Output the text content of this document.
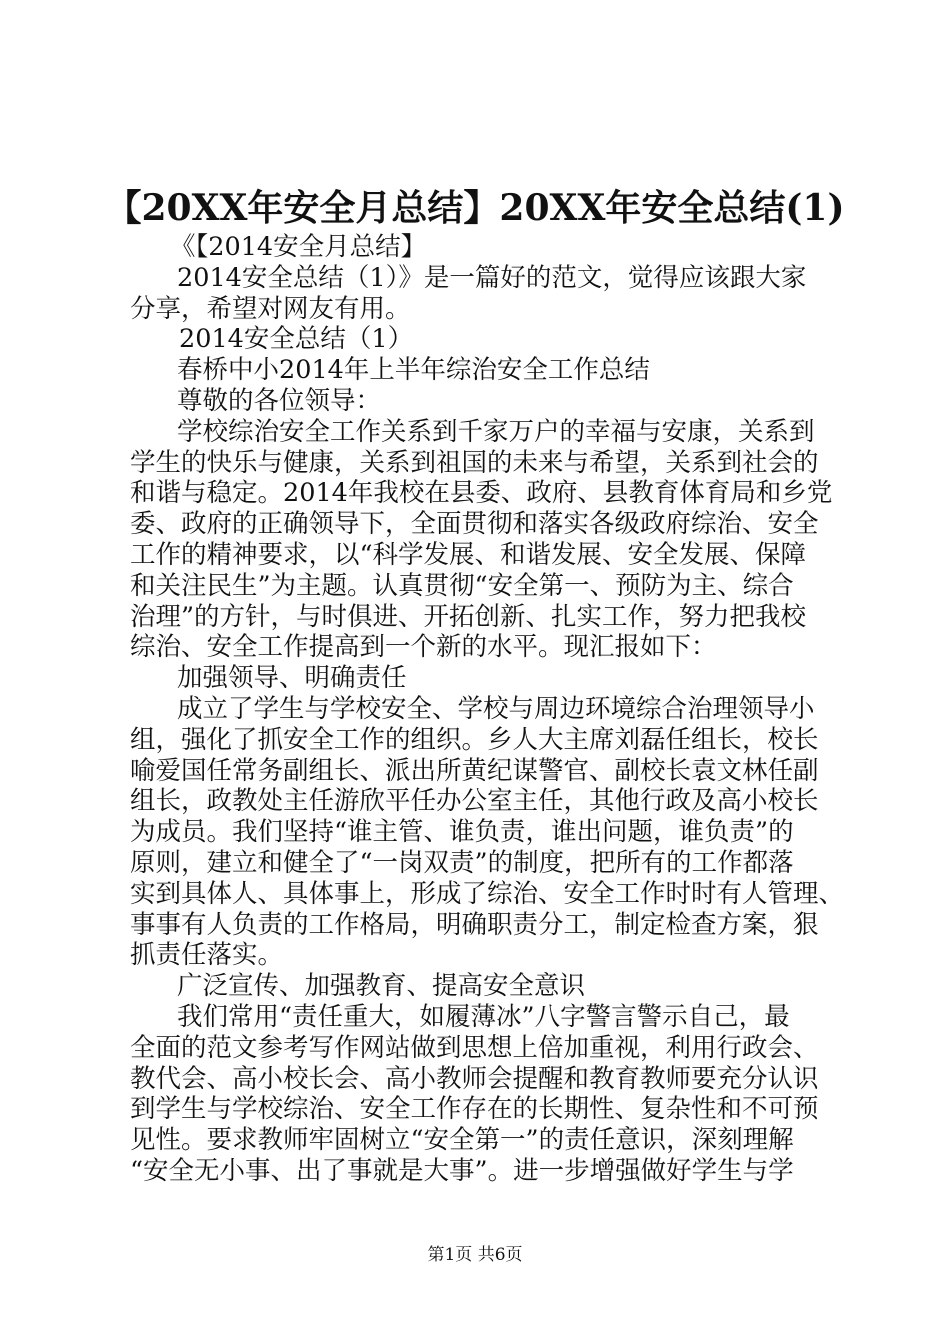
【20XX年安全月总结】20XX年安全总结(1)
《【2014安全月总结】
2014安全总结（1）》是一篇好的范文，觉得应该跟大家
分享，希望对网友有用。
2014安全总结（1）
春桥中小2014年上半年综治安全工作总结
尊敬的各位领导：
学校综治安全工作关系到千家万户的幸福与安康，关系到
学生的快乐与健康，关系到祖国的未来与希望，关系到社会的
和谐与稳定。2014年我校在县委、政府、县教育体育局和乡党
委、政府的正确领导下，全面贯彻和落实各级政府综治、安全
工作的精神要求，以“科学发展、和谐发展、安全发展、保障
和关注民生”为主题。认真贯彻“安全第一、预防为主、综合
治理”的方针，与时俱进、开拓创新、扎实工作，努力把我校
综治、安全工作提高到一个新的水平。现汇报如下：
加强领导、明确责任
成立了学生与学校安全、学校与周边环境综合治理领导小
组，强化了抓安全工作的组织。乡人大主席刘磊任组长，校长
喻爱国任常务副组长、派出所黄纪谋警官、副校长袁文林任副
组长，政教处主任游欣平任办公室主任，其他行政及高小校长
为成员。我们坚持“谁主管、谁负责，谁出问题，谁负责”的
原则，建立和健全了“一岗双责”的制度，把所有的工作都落
实到具体人、具体事上，形成了综治、安全工作时时有人管理、
事事有人负责的工作格局，明确职责分工，制定检查方案，狠
抓责任落实。
广泛宣传、加强教育、提高安全意识
我们常用“责任重大，如履薄冰”八字警言警示自己，最
全面的范文参考写作网站做到思想上倍加重视，利用行政会、
教代会、高小校长会、高小教师会提醒和教育教师要充分认识
到学生与学校综治、安全工作存在的长期性、复杂性和不可预
见性。要求教师牢固树立“安全第一”的责任意识，深刻理解
“安全无小事、出了事就是大事”。进一步增强做好学生与学
第1页 共6页
